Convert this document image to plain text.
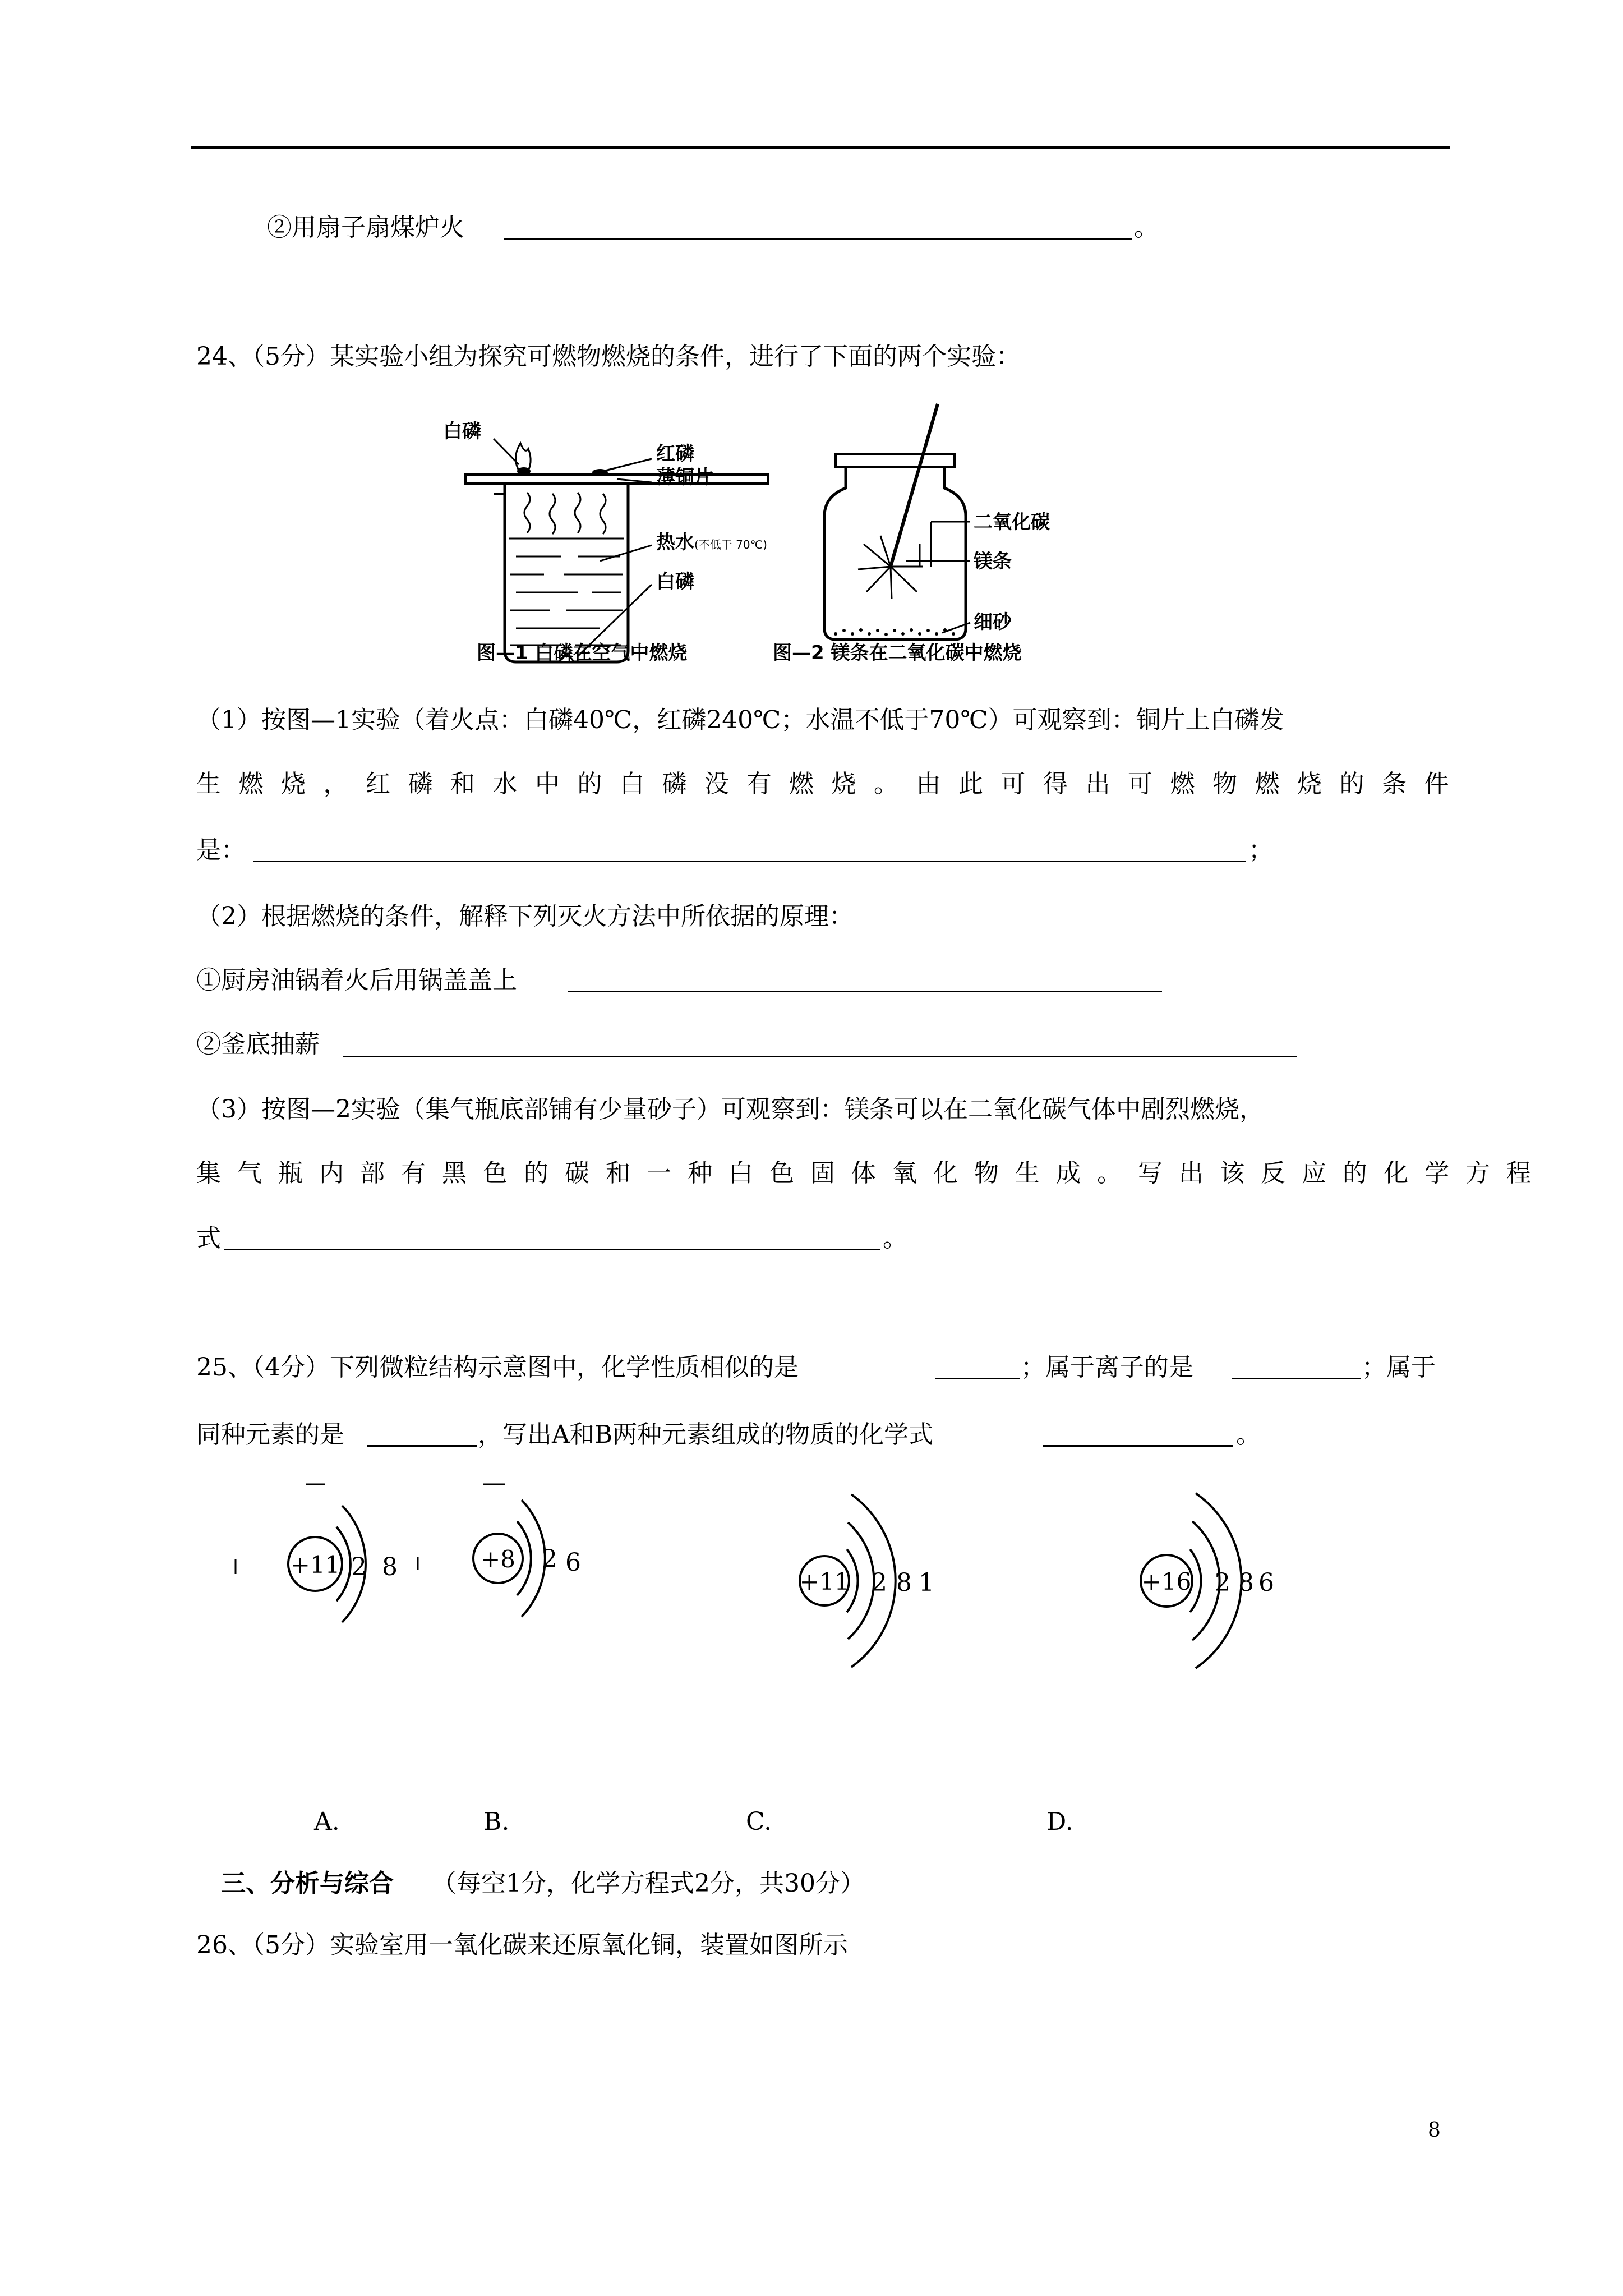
②用扇子扇煤炉火	。
24、（5分）某实验小组为探究可燃物燃烧的条件，进行了下面的两个实验：
白磷
红磷
薄铜片
热水 (不低于 70℃)
白磷
图—1 白磷在空气中燃烧
二氧化碳
镁条
细砂
图—2 镁条在二氧化碳中燃烧
（1）按图—1实验（着火点：白磷40℃，红磷240℃；水温不低于70℃）可观察到：铜片上白磷发
生燃烧，红磷和水中的白磷没有燃烧。由此可得出可燃物燃烧的条件
是：	；
（2）根据燃烧的条件，解释下列灭火方法中所依据的原理：
①厨房油锅着火后用锅盖盖上
②釜底抽薪
（3）按图—2实验（集气瓶底部铺有少量砂子）可观察到：镁条可以在二氧化碳气体中剧烈燃烧，
集气瓶内部有黑色的碳和一种白色固体氧化物生成。写出该反应的化学方程
式	。
25、（4分）下列微粒结构示意图中，化学性质相似的是	；属于离子的是	；属于
同种元素的是	，写出A和B两种元素组成的物质的化学式	。
+11 2 8	+8 2 6
+11 2 8 1	+16 2 8 6
A.	B.	C.	D.
三、分析与综合 （每空1分，化学方程式2分，共30分）
26、（5分）实验室用一氧化碳来还原氧化铜，装置如图所示
8
